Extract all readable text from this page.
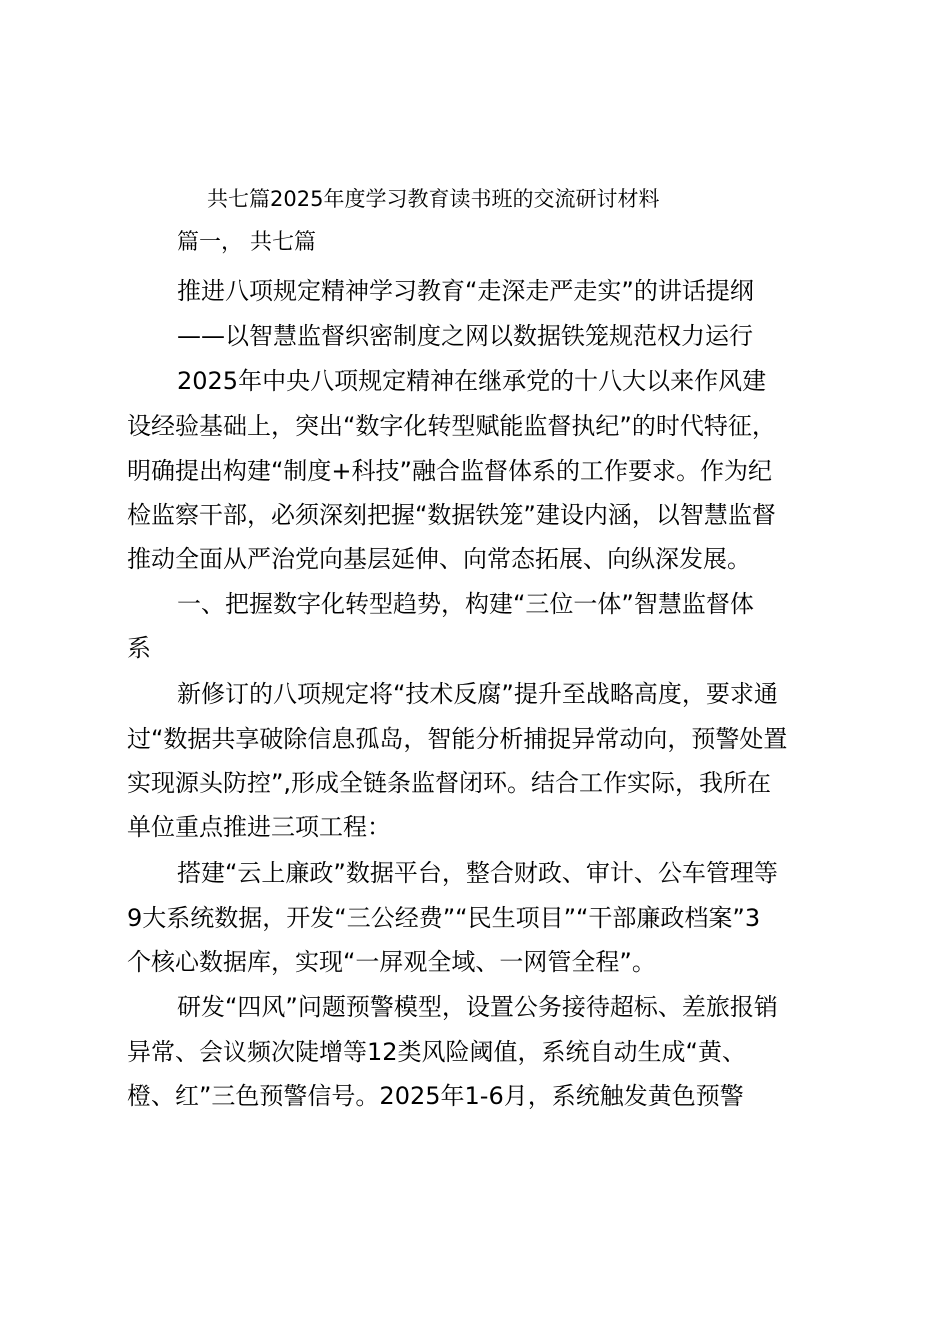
共七篇2025年度学习教育读书班的交流研讨材料
篇一， 共七篇
推进八项规定精神学习教育“走深走严走实”的讲话提纲
——以智慧监督织密制度之网以数据铁笼规范权力运行
2025年中央八项规定精神在继承党的十八大以来作风建
设经验基础上，突出“数字化转型赋能监督执纪”的时代特征，
明确提出构建“制度+科技”融合监督体系的工作要求。作为纪
检监察干部，必须深刻把握“数据铁笼”建设内涵，以智慧监督
推动全面从严治党向基层延伸、向常态拓展、向纵深发展。
一、把握数字化转型趋势，构建“三位一体”智慧监督体
系
新修订的八项规定将“技术反腐”提升至战略高度，要求通
过“数据共享破除信息孤岛，智能分析捕捉异常动向，预警处置
实现源头防控”,形成全链条监督闭环。结合工作实际，我所在
单位重点推进三项工程：
搭建“云上廉政”数据平台，整合财政、审计、公车管理等
9大系统数据，开发“三公经费”“民生项目”“干部廉政档案”3
个核心数据库，实现“一屏观全域、一网管全程”。
研发“四风”问题预警模型，设置公务接待超标、差旅报销
异常、会议频次陡增等12类风险阈值，系统自动生成“黄、
橙、红”三色预警信号。2025年1-6月，系统触发黄色预警
